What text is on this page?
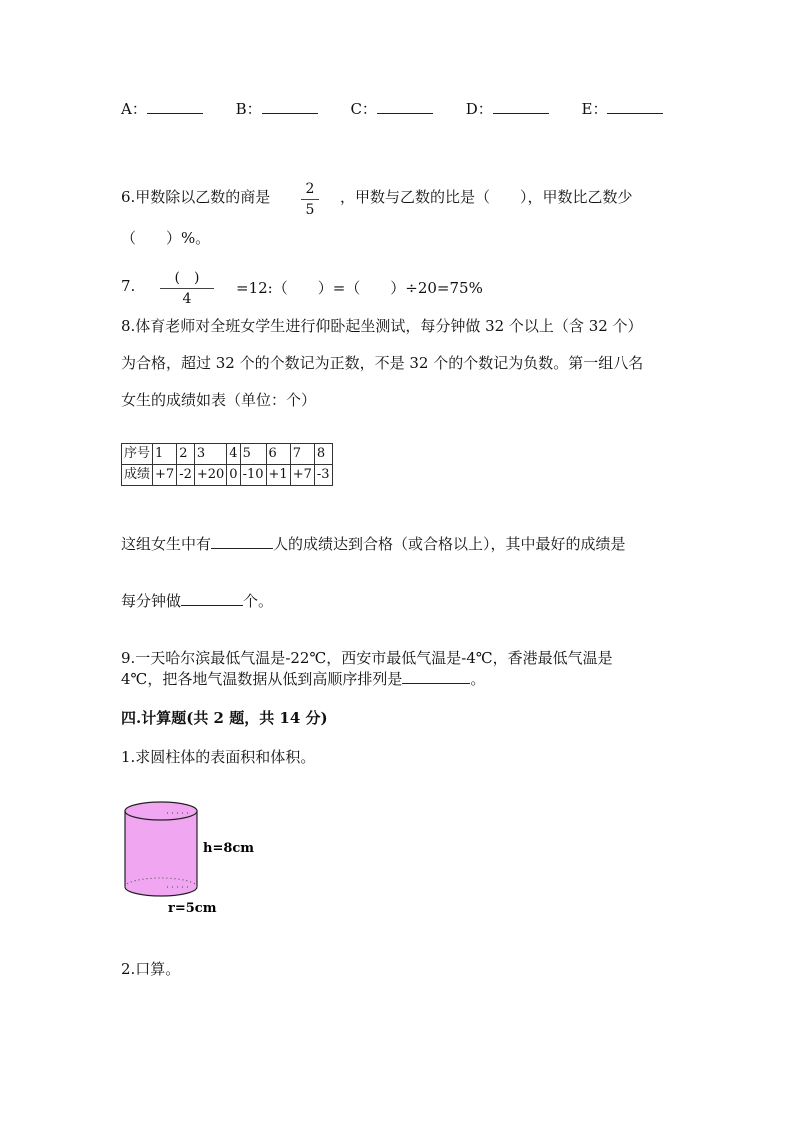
A：	B：	C：	D：	E：
6.甲数除以乙数的商是	2
5
，甲数与乙数的比是（　　），甲数比乙数少
（　　）%。
7.	(　)
4
=12:（　　）=（　　）÷20=75%
8.体育老师对全班女学生进行仰卧起坐测试，每分钟做 32 个以上（含 32 个）
为合格，超过 32 个的个数记为正数，不是 32 个的个数记为负数。第一组八名
女生的成绩如表（单位：个）
序号	1	2	3	4	5	6	7	8
成绩	+7	-2	+20	0	-10	+1	+7	-3
这组女生中有	人的成绩达到合格（或合格以上），其中最好的成绩是
每分钟做	个。
9.一天哈尔滨最低气温是-22℃，西安市最低气温是-4℃，香港最低气温是
4℃，把各地气温数据从低到高顺序排列是	。
四.计算题(共 2 题，共 14 分)
1.求圆柱体的表面积和体积。
h=8cm
r=5cm
2.口算。
